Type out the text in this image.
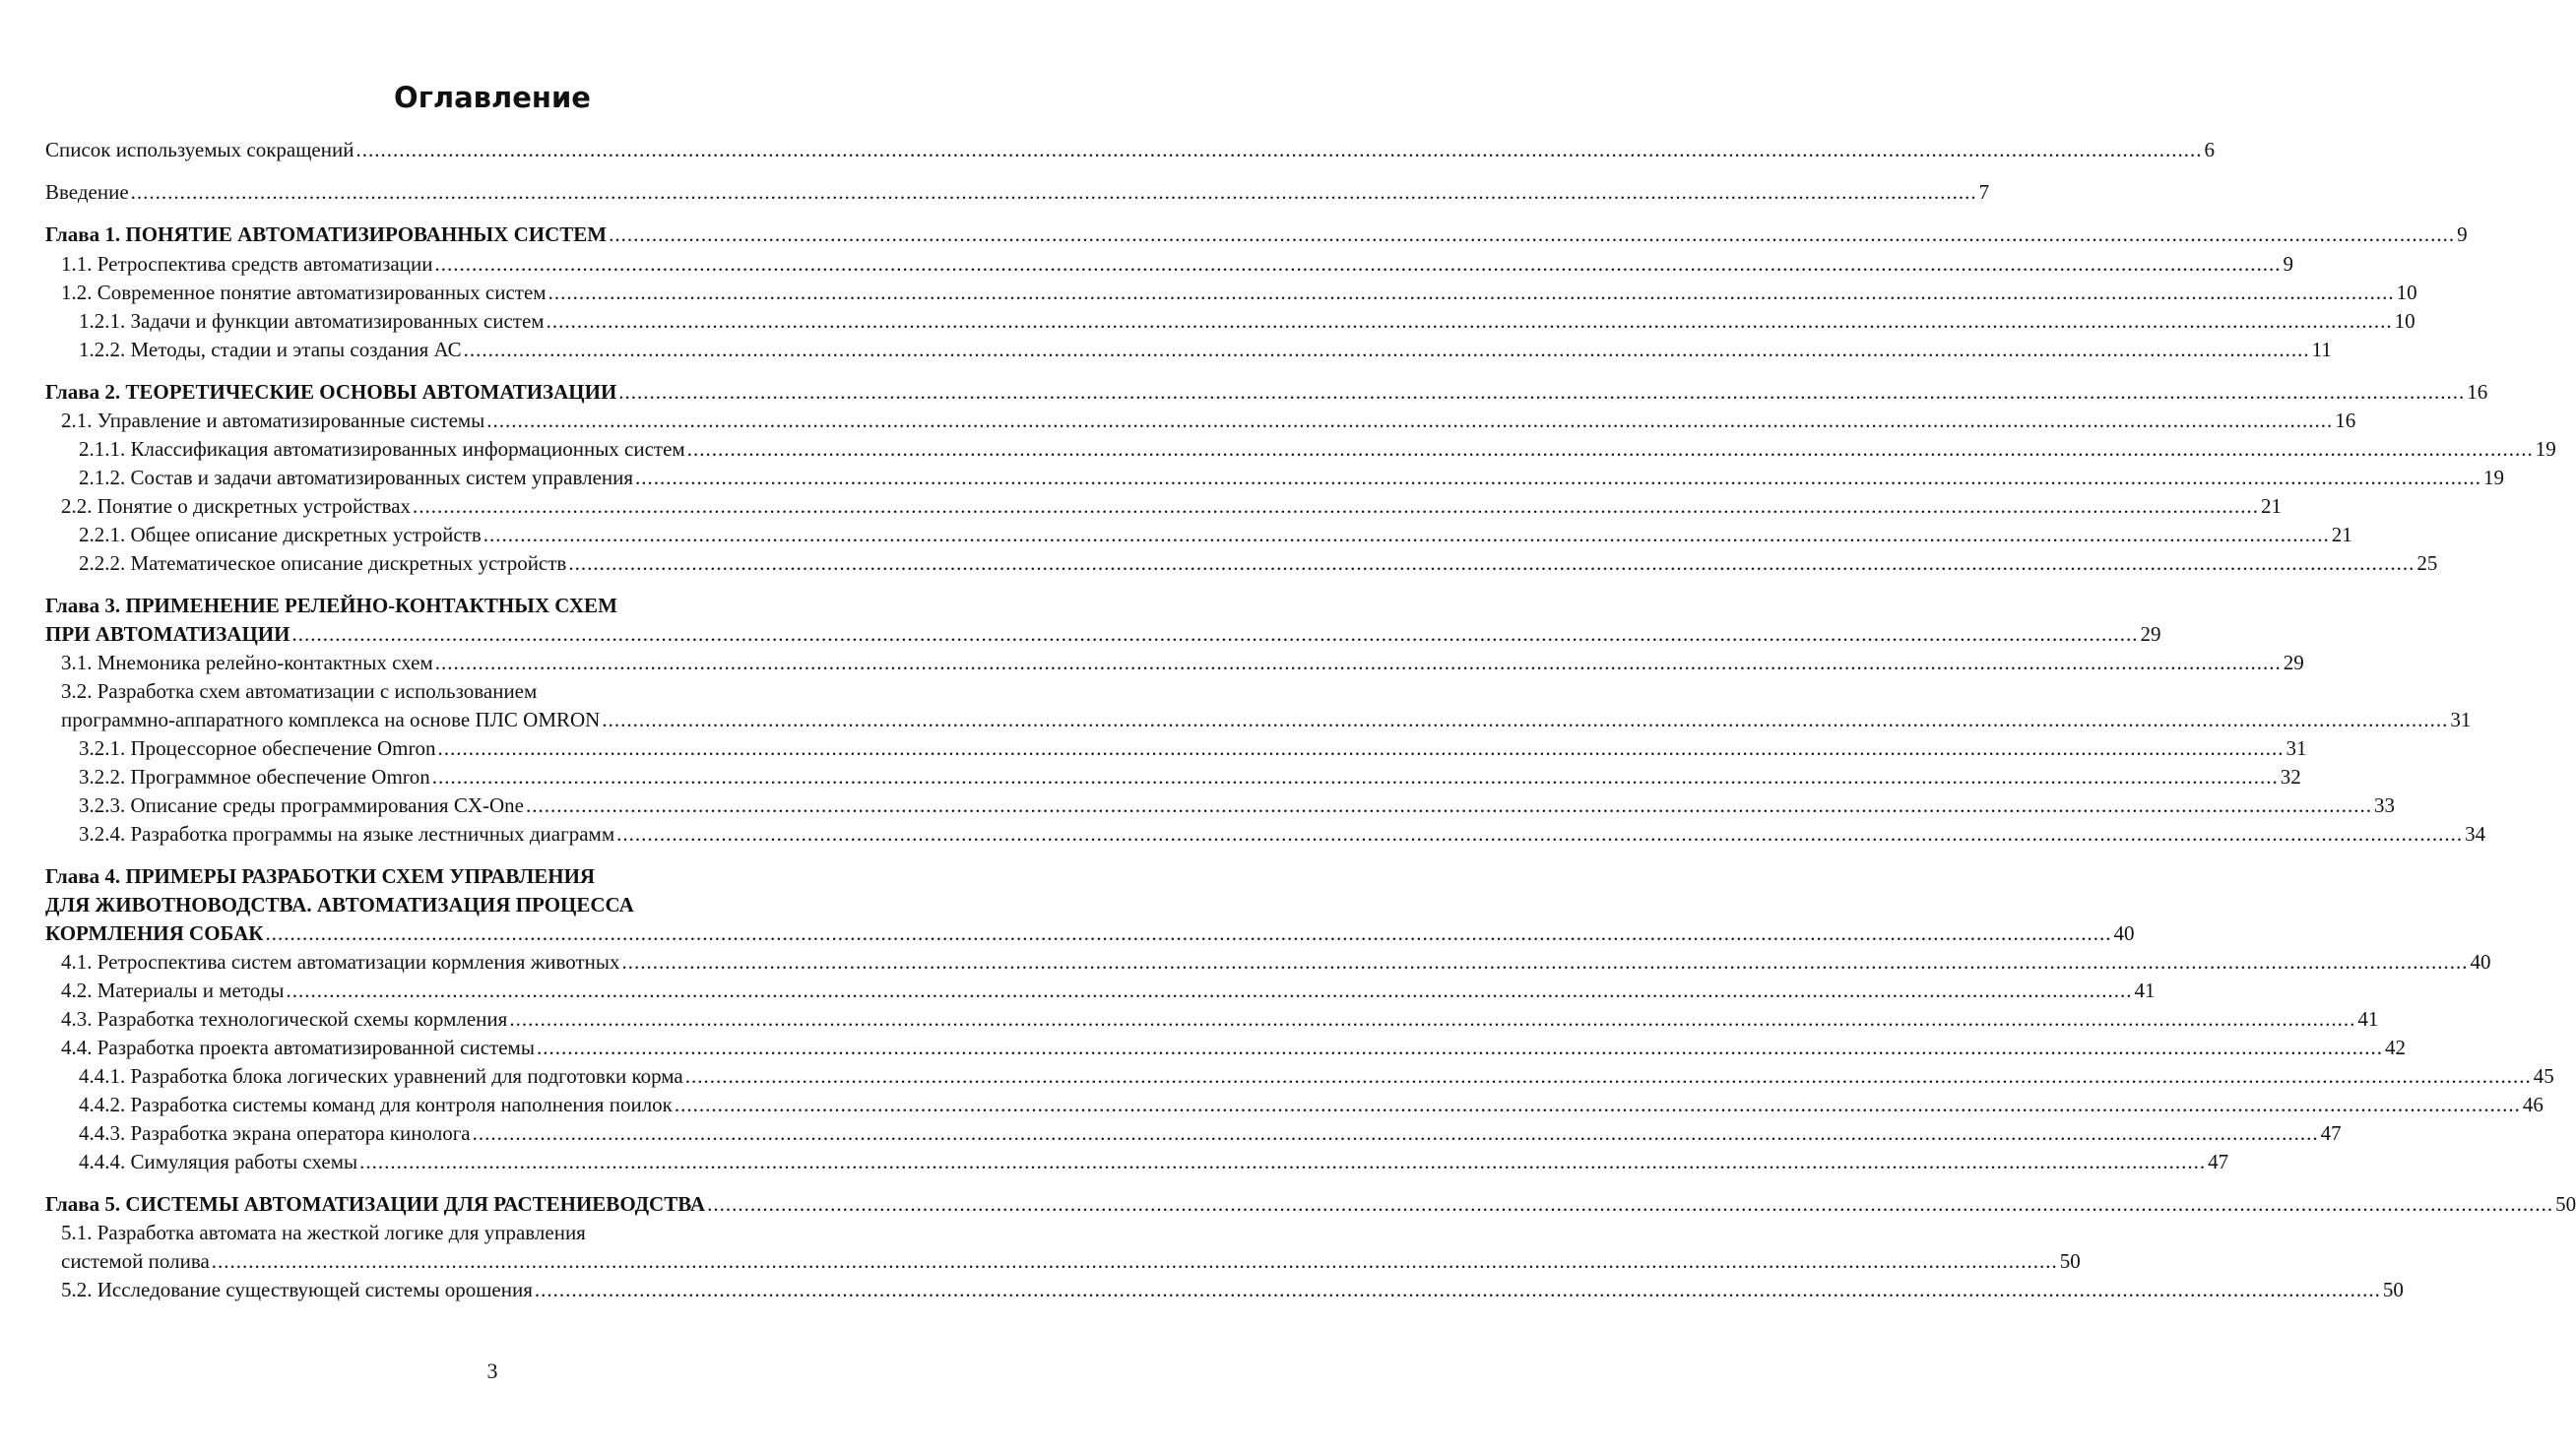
Оглавление
Список используемых сокращений ............................................................................................................................................................................................................................................................................................................ 6
Введение ............................................................................................................................................................................................................................................................................................................ 7
Глава 1. ПОНЯТИЕ АВТОМАТИЗИРОВАННЫХ СИСТЕМ ............................................................................................................................................................................................................................................................................................................ 9
1.1. Ретроспектива средств автоматизации ............................................................................................................................................................................................................................................................................................................ 9
1.2. Современное понятие автоматизированных систем ............................................................................................................................................................................................................................................................................................................ 10
1.2.1. Задачи и функции автоматизированных систем ............................................................................................................................................................................................................................................................................................................ 10
1.2.2. Методы, стадии и этапы создания АС ............................................................................................................................................................................................................................................................................................................ 11
Глава 2. ТЕОРЕТИЧЕСКИЕ ОСНОВЫ АВТОМАТИЗАЦИИ ............................................................................................................................................................................................................................................................................................................ 16
2.1. Управление и автоматизированные системы ............................................................................................................................................................................................................................................................................................................ 16
2.1.1. Классификация автоматизированных информационных систем ............................................................................................................................................................................................................................................................................................................ 19
2.1.2. Состав и задачи автоматизированных систем управления ............................................................................................................................................................................................................................................................................................................ 19
2.2. Понятие о дискретных устройствах ............................................................................................................................................................................................................................................................................................................ 21
2.2.1. Общее описание дискретных устройств ............................................................................................................................................................................................................................................................................................................ 21
2.2.2. Математическое описание дискретных устройств ............................................................................................................................................................................................................................................................................................................ 25
Глава 3. ПРИМЕНЕНИЕ РЕЛЕЙНО-КОНТАКТНЫХ СХЕМ
ПРИ АВТОМАТИЗАЦИИ ............................................................................................................................................................................................................................................................................................................ 29
3.1. Мнемоника релейно-контактных схем ............................................................................................................................................................................................................................................................................................................ 29
3.2. Разработка схем автоматизации с использованием
программно-аппаратного комплекса на основе ПЛС OMRON ............................................................................................................................................................................................................................................................................................................ 31
3.2.1. Процессорное обеспечение Omron ............................................................................................................................................................................................................................................................................................................ 31
3.2.2. Программное обеспечение Omron ............................................................................................................................................................................................................................................................................................................ 32
3.2.3. Описание среды программирования CX-One ............................................................................................................................................................................................................................................................................................................ 33
3.2.4. Разработка программы на языке лестничных диаграмм ............................................................................................................................................................................................................................................................................................................ 34
Глава 4. ПРИМЕРЫ РАЗРАБОТКИ СХЕМ УПРАВЛЕНИЯ
ДЛЯ ЖИВОТНОВОДСТВА. АВТОМАТИЗАЦИЯ ПРОЦЕССА
КОРМЛЕНИЯ СОБАК ............................................................................................................................................................................................................................................................................................................ 40
4.1. Ретроспектива систем автоматизации кормления животных ............................................................................................................................................................................................................................................................................................................ 40
4.2. Материалы и методы ............................................................................................................................................................................................................................................................................................................ 41
4.3. Разработка технологической схемы кормления ............................................................................................................................................................................................................................................................................................................ 41
4.4. Разработка проекта автоматизированной системы ............................................................................................................................................................................................................................................................................................................ 42
4.4.1. Разработка блока логических уравнений для подготовки корма ............................................................................................................................................................................................................................................................................................................ 45
4.4.2. Разработка системы команд для контроля наполнения поилок ............................................................................................................................................................................................................................................................................................................ 46
4.4.3. Разработка экрана оператора кинолога ............................................................................................................................................................................................................................................................................................................ 47
4.4.4. Симуляция работы схемы ............................................................................................................................................................................................................................................................................................................ 47
Глава 5. СИСТЕМЫ АВТОМАТИЗАЦИИ ДЛЯ РАСТЕНИЕВОДСТВА ............................................................................................................................................................................................................................................................................................................ 50
5.1. Разработка автомата на жесткой логике для управления
системой полива ............................................................................................................................................................................................................................................................................................................ 50
5.2. Исследование существующей системы орошения ............................................................................................................................................................................................................................................................................................................ 50
3
